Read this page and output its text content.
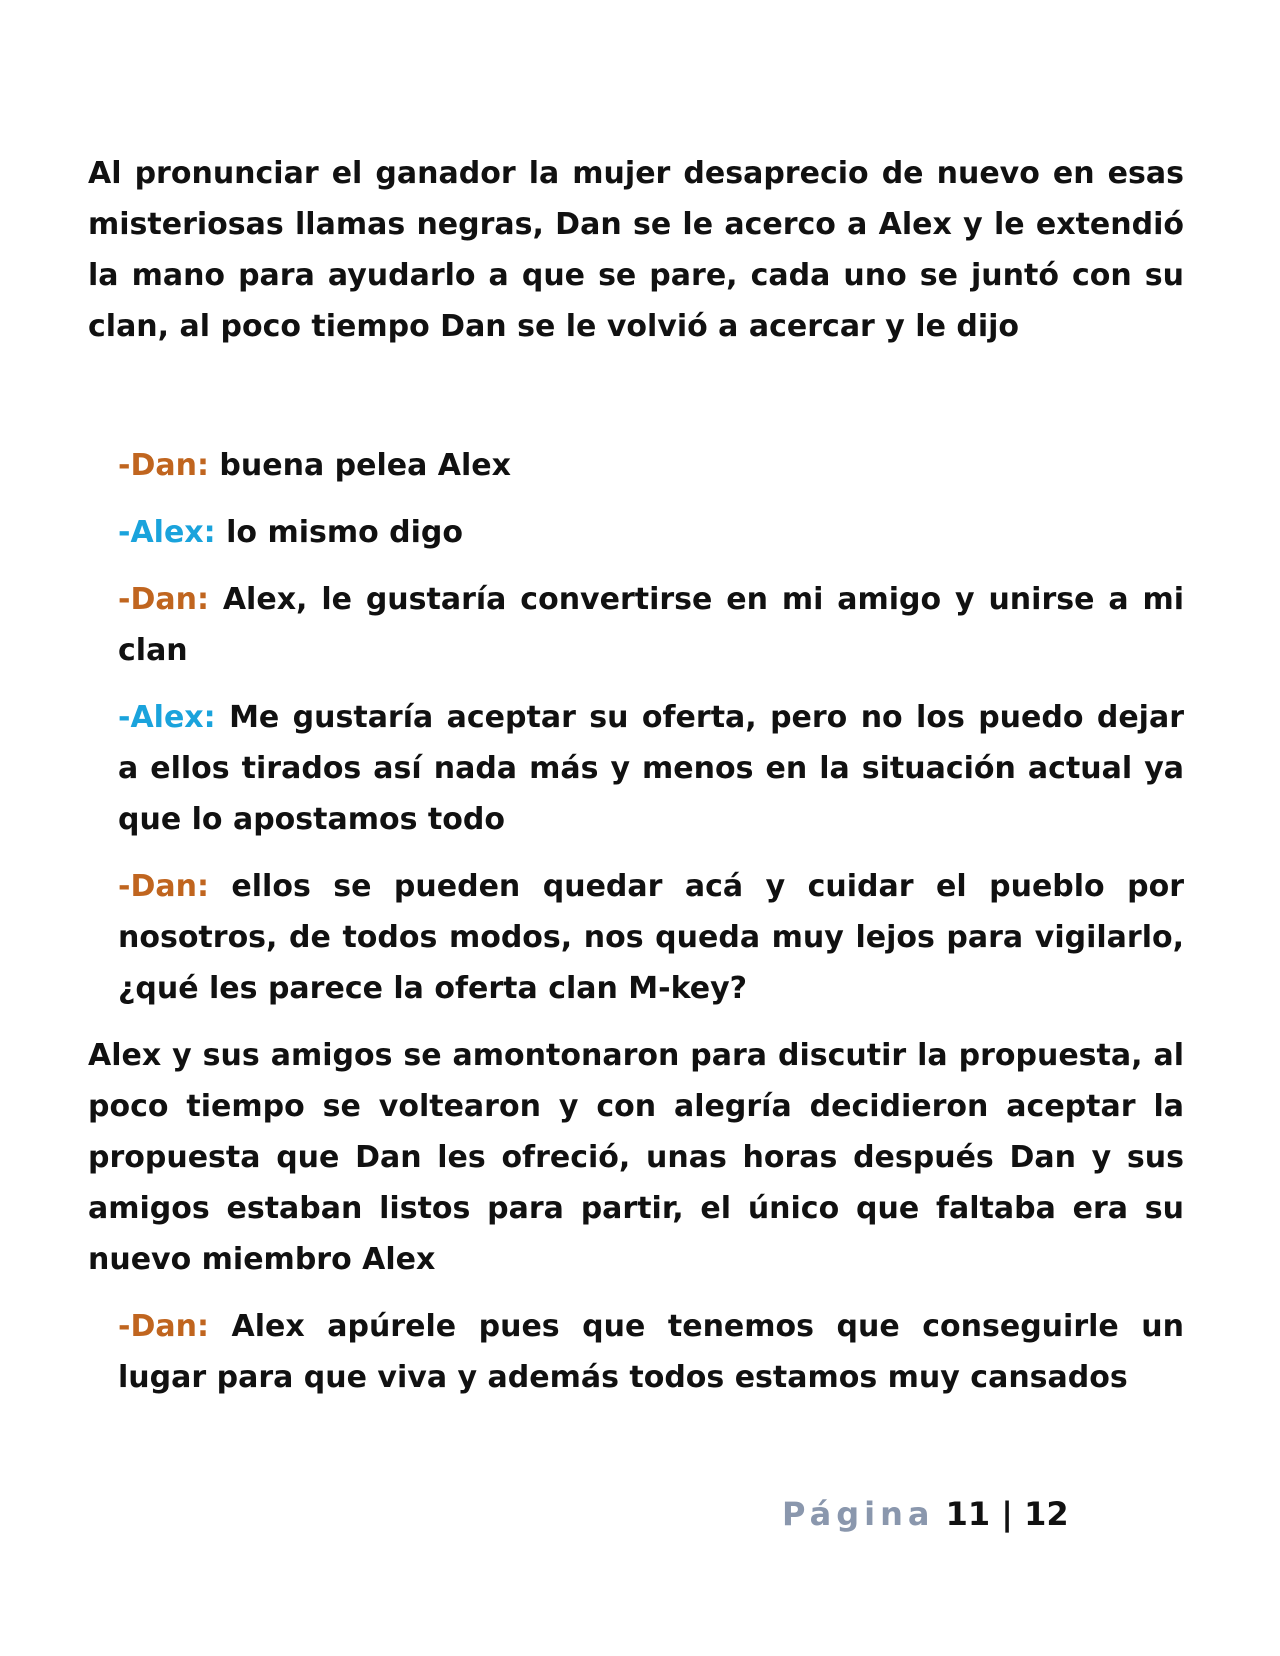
Al pronunciar el ganador la mujer desaprecio de nuevo en esas misteriosas llamas negras, Dan se le acerco a Alex y le extendió la mano para ayudarlo a que se pare, cada uno se juntó con su clan, al poco tiempo Dan se le volvió a acercar y le dijo

-Dan: buena pelea Alex

-Alex: lo mismo digo

-Dan: Alex, le gustaría convertirse en mi amigo y unirse a mi clan

-Alex: Me gustaría aceptar su oferta, pero no los puedo dejar a ellos tirados así nada más y menos en la situación actual ya que lo apostamos todo

-Dan: ellos se pueden quedar acá y cuidar el pueblo por nosotros, de todos modos, nos queda muy lejos para vigilarlo, ¿qué les parece la oferta clan M-key?

Alex y sus amigos se amontonaron para discutir la propuesta, al poco tiempo se voltearon y con alegría decidieron aceptar la propuesta que Dan les ofreció, unas horas después Dan y sus amigos estaban listos para partir, el único que faltaba era su nuevo miembro Alex

-Dan: Alex apúrele pues que tenemos que conseguirle un lugar para que viva y además todos estamos muy cansados

Página 11 | 12
